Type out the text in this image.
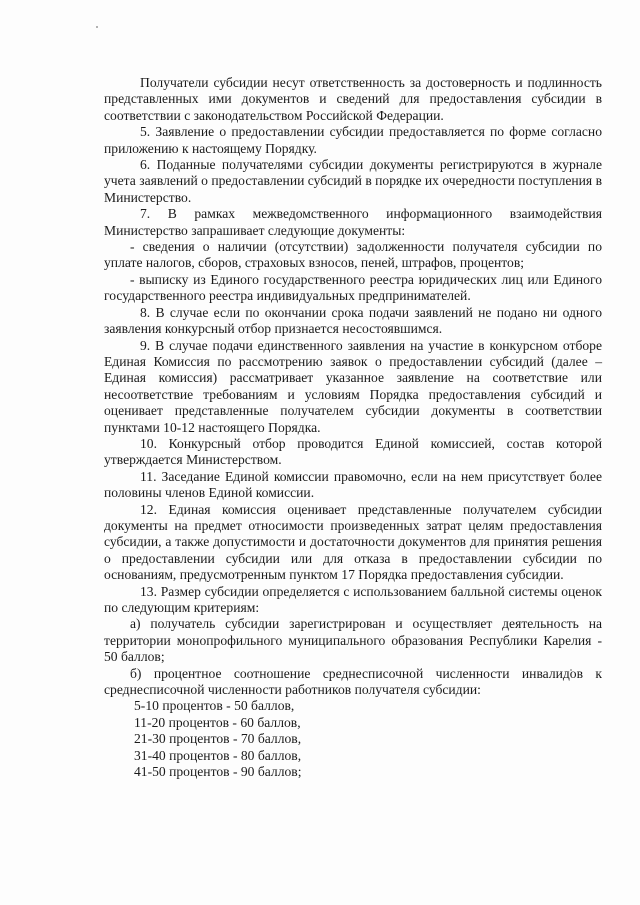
Получатели субсидии несут ответственность за достоверность и подлинность представленных ими документов и сведений для предоставления субсидии в соответствии с законодательством Российской Федерации.

5. Заявление о предоставлении субсидии предоставляется по форме согласно приложению к настоящему Порядку.

6. Поданные получателями субсидии документы регистрируются в журнале учета заявлений о предоставлении субсидий в порядке их очередности поступления в Министерство.

7. В рамках межведомственного информационного взаимодействия Министерство запрашивает следующие документы:

- сведения о наличии (отсутствии) задолженности получателя субсидии по уплате налогов, сборов, страховых взносов, пеней, штрафов, процентов;

- выписку из Единого государственного реестра юридических лиц или Единого государственного реестра индивидуальных предпринимателей.

8. В случае если по окончании срока подачи заявлений не подано ни одного заявления конкурсный отбор признается несостоявшимся.

9. В случае подачи единственного заявления на участие в конкурсном отборе Единая Комиссия по рассмотрению заявок о предоставлении субсидий (далее – Единая комиссия) рассматривает указанное заявление на соответствие или несоответствие требованиям и условиям Порядка предоставления субсидий и оценивает представленные получателем субсидии документы в соответствии пунктами 10-12 настоящего Порядка.

10. Конкурсный отбор проводится Единой комиссией, состав которой утверждается Министерством.

11. Заседание Единой комиссии правомочно, если на нем присутствует более половины членов Единой комиссии.

12. Единая комиссия оценивает представленные получателем субсидии документы на предмет относимости произведенных затрат целям предоставления субсидии, а также допустимости и достаточности документов для принятия решения о предоставлении субсидии или для отказа в предоставлении субсидии по основаниям, предусмотренным пунктом 17 Порядка предоставления субсидии.

13. Размер субсидии определяется с использованием балльной системы оценок по следующим критериям:

а) получатель субсидии зарегистрирован и осуществляет деятельность на территории монопрофильного муниципального образования Республики Карелия - 50 баллов;

б) процентное соотношение среднесписочной численности инвалидов к среднесписочной численности работников получателя субсидии:

5-10 процентов - 50 баллов,

11-20 процентов - 60 баллов,

21-30 процентов - 70 баллов,

31-40 процентов - 80 баллов,

41-50 процентов - 90 баллов;
